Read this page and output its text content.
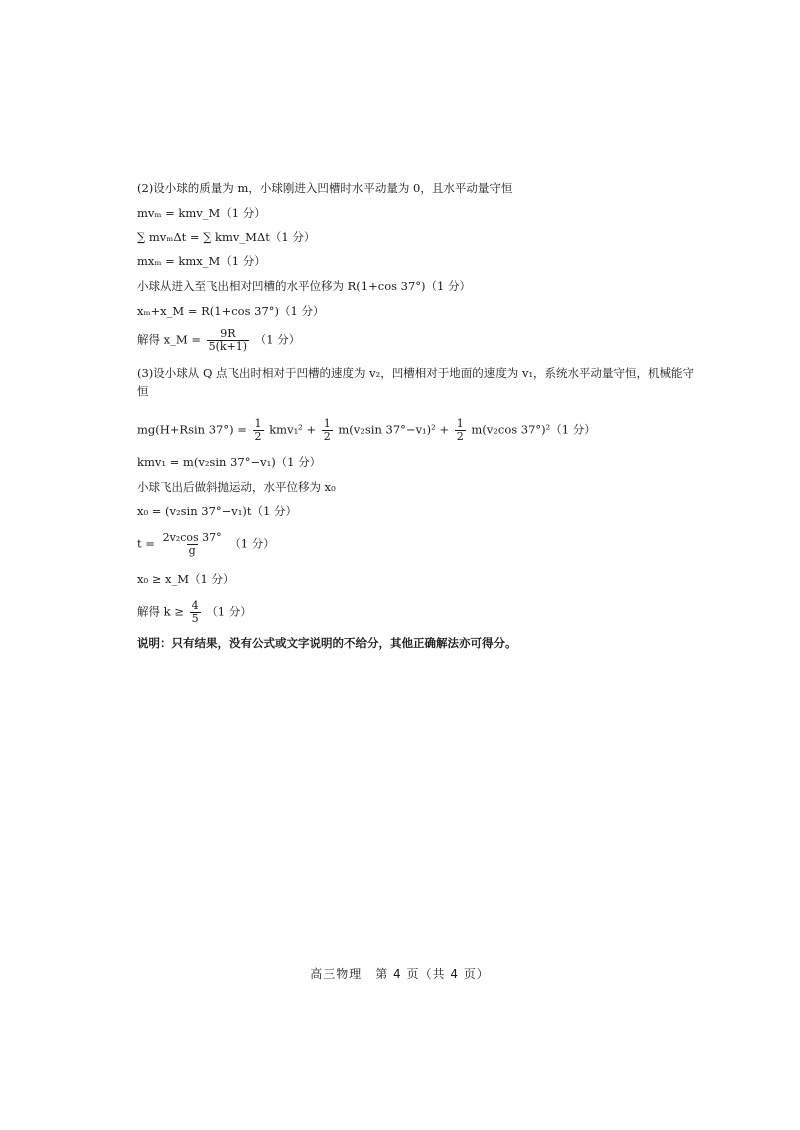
(2)设小球的质量为 m，小球刚进入凹槽时水平动量为 0，且水平动量守恒
mvₘ = kmv_M（1 分）
∑ mvₘΔt = ∑ kmv_MΔt（1 分）
mxₘ = kmx_M（1 分）
小球从进入至飞出相对凹槽的水平位移为 R(1+cos 37°)（1 分）
xₘ+x_M = R(1+cos 37°)（1 分）
解得 x_M = $\frac{9R}{5(k+1)} (1$ 分）
(3)设小球从 Q 点飞出时相对于凹槽的速度为 v₂，凹槽相对于地面的速度为 v₁，系统水平动量守恒，机械能守恒
mg(H+Rsin $37^\circ) = \frac{1}{2} kmv_1^2 + \frac{1}{2} m(v_2\sin$ $37^\circ-v_1)^2 + \frac{1}{2} m(v_2\cos$ 37°)²（1 分）
kmv₁ = m(v₂sin 37°−v₁)（1 分）
小球飞出后做斜抛运动，水平位移为 x₀
x₀ = (v₂sin 37°−v₁)t（1 分）
$t = \frac{\text{2v₂cos 37°}}{g} (1$ 分）
x₀ ≥ x_M（1 分）
解得 $k \ge \frac{4}{5} (1$ 分）
说明：只有结果，没有公式或文字说明的不给分，其他正确解法亦可得分。
高三物理　第 4 页（共 4 页）
